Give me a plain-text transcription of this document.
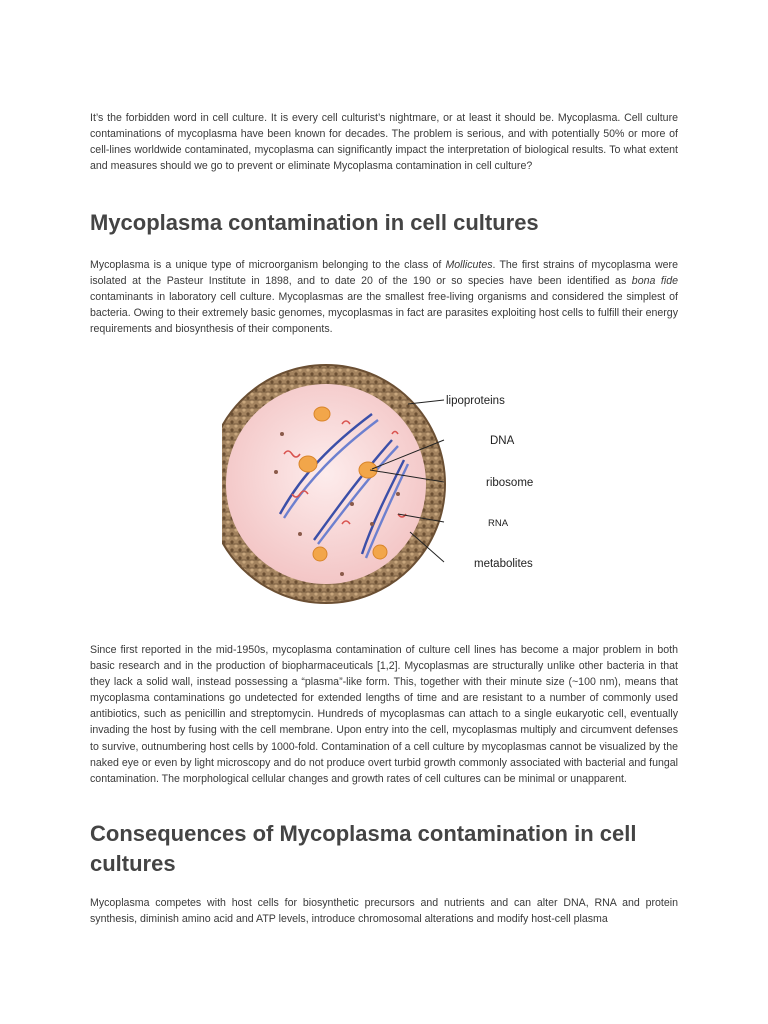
It’s the forbidden word in cell culture. It is every cell culturist’s nightmare, or at least it should be. Mycoplasma. Cell culture contaminations of mycoplasma have been known for decades. The problem is serious, and with potentially 50% or more of cell-lines worldwide contaminated, mycoplasma can significantly impact the interpretation of biological results. To what extent and measures should we go to prevent or eliminate Mycoplasma contamination in cell culture?

Mycoplasma contamination in cell cultures

Mycoplasma is a unique type of microorganism belonging to the class of Mollicutes. The first strains of mycoplasma were isolated at the Pasteur Institute in 1898, and to date 20 of the 190 or so species have been identified as bona fide contaminants in laboratory cell culture. Mycoplasmas are the smallest free-living organisms and considered the simplest of bacteria. Owing to their extremely basic genomes, mycoplasmas in fact are parasites exploiting host cells to fulfill their energy requirements and biosynthesis of their components.

Since first reported in the mid-1950s, mycoplasma contamination of culture cell lines has become a major problem in both basic research and in the production of biopharmaceuticals [1,2]. Mycoplasmas are structurally unlike other bacteria in that they lack a solid wall, instead possessing a “plasma”-like form. This, together with their minute size (~100 nm), means that mycoplasma contaminations go undetected for extended lengths of time and are resistant to a number of commonly used antibiotics, such as penicillin and streptomycin. Hundreds of mycoplasmas can attach to a single eukaryotic cell, eventually invading the host by fusing with the cell membrane. Upon entry into the cell, mycoplasmas multiply and circumvent defenses to survive, outnumbering host cells by 1000-fold. Contamination of a cell culture by mycoplasmas cannot be visualized by the naked eye or even by light microscopy and do not produce overt turbid growth commonly associated with bacterial and fungal contamination. The morphological cellular changes and growth rates of cell cultures can be minimal or unapparent.

Consequences of Mycoplasma contamination in cell cultures

Mycoplasma competes with host cells for biosynthetic precursors and nutrients and can alter DNA, RNA and protein synthesis, diminish amino acid and ATP levels, introduce chromosomal alterations and modify host-cell plasma

lipoproteins
DNA
ribosome
RNA
metabolites
